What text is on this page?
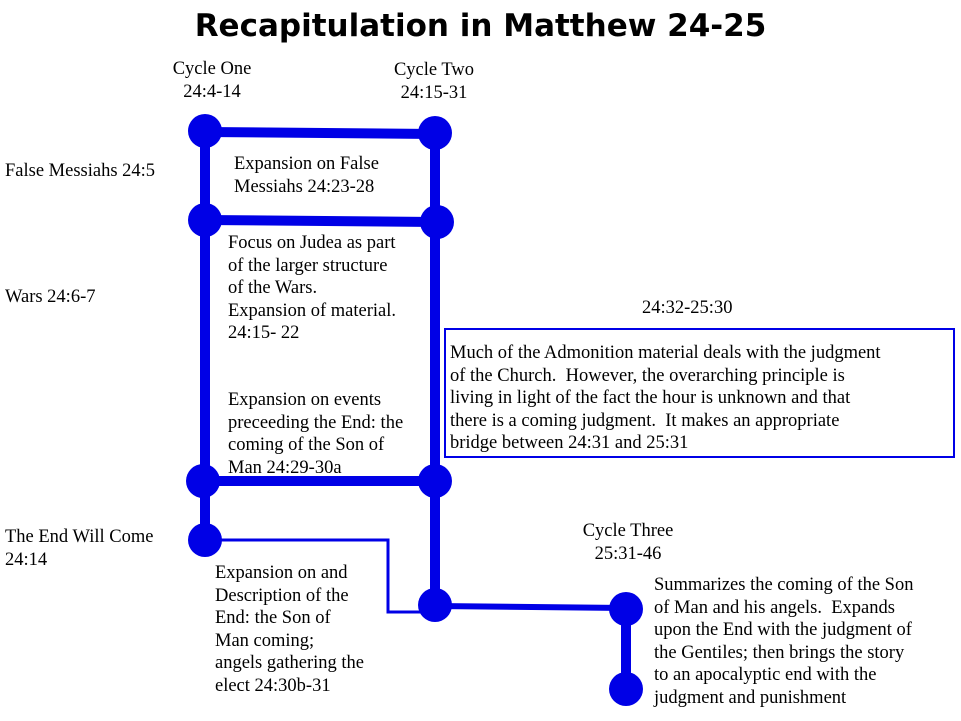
Recapitulation in Matthew 24-25
Cycle One
24:4-14
Cycle Two
24:15-31
Cycle Three
25:31-46
False Messiahs 24:5
Wars 24:6-7
The End Will Come
24:14
Expansion on False
Messiahs 24:23-28
Focus on Judea as part
of the larger structure
of the Wars.
Expansion of material.
24:15- 22
Expansion on events
preceeding the End: the
coming of the Son of
Man 24:29-30a
Expansion on and
Description of the
End: the Son of
Man coming;
angels gathering the
elect 24:30b-31
24:32-25:30
Much of the Admonition material deals with the judgment
of the Church.  However, the overarching principle is
living in light of the fact the hour is unknown and that
there is a coming judgment.  It makes an appropriate
bridge between 24:31 and 25:31
Summarizes the coming of the Son
of Man and his angels.  Expands
upon the End with the judgment of
the Gentiles; then brings the story
to an apocalyptic end with the
judgment and punishment
